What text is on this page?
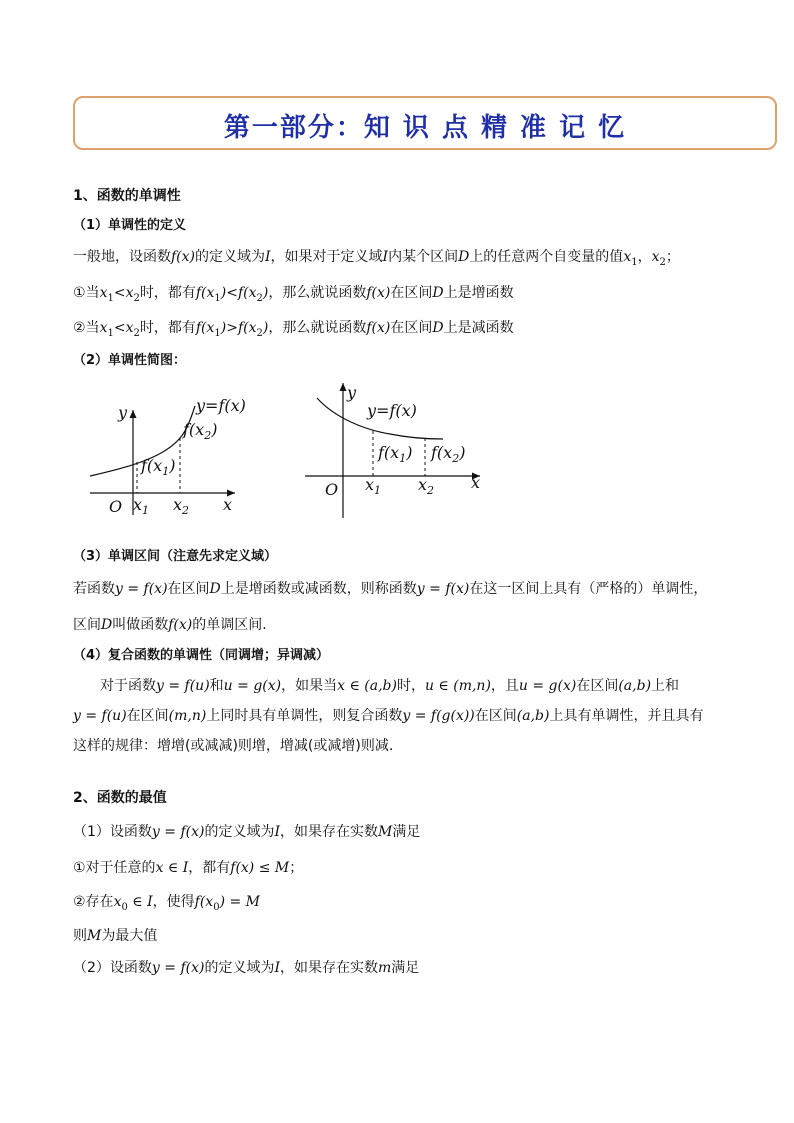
第一部分：知 识 点 精 准 记 忆
1、函数的单调性
（1）单调性的定义
一般地，设函数f(x)的定义域为I，如果对于定义域I内某个区间D上的任意两个自变量的值$x_1$，$x_2$；
①当$x_1<x_2$时，都有$f(x_1)<f(x_2)$，那么就说函数f(x)在区间D上是增函数
②当$x_1<x_2$时，都有$f(x_1)>f(x_2)$，那么就说函数f(x)在区间D上是减函数
（2）单调性简图：
O
y
x
y=f(x)
$f(x_2)$
$f(x_1)$
$x_1$ $x_2$
O
y
x
y=f(x)
$f(x_1)$ $f(x_2)$
$x_1$ $x_2$
（3）单调区间（注意先求定义域）
若函数y = f(x)在区间D上是增函数或减函数，则称函数y = f(x)在这一区间上具有（严格的）单调性，
区间D叫做函数f(x)的单调区间.
（4）复合函数的单调性（同调增；异调减）
对于函数y = f(u)和u = g(x)，如果当x ∈ (a,b)时，u ∈ (m,n)，且u = g(x)在区间(a,b)上和
y = f(u)在区间(m,n)上同时具有单调性，则复合函数y = f(g(x))在区间(a,b)上具有单调性，并且具有
这样的规律：增增(或减减)则增，增减(或减增)则减.
2、函数的最值
（1）设函数y = f(x)的定义域为I，如果存在实数M满足
①对于任意的x ∈ I，都有f(x) ≤ M；
②存在$x_0$ ∈ I，使得$f(x_0) = M$
则M为最大值
（2）设函数y = f(x)的定义域为I，如果存在实数m满足
